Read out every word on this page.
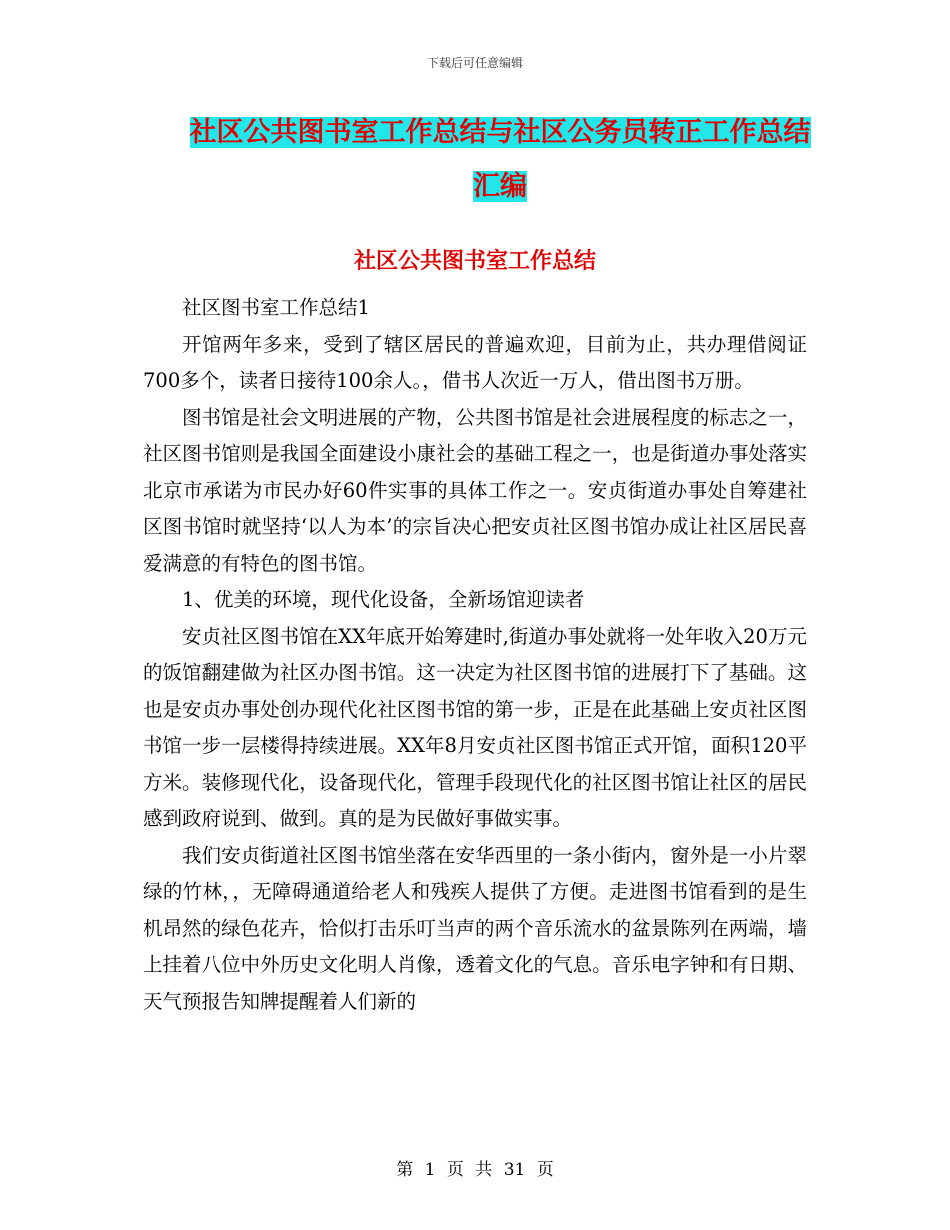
下载后可任意编辑
社区公共图书室工作总结与社区公务员转正工作总结
汇编
社区公共图书室工作总结

社区图书室工作总结1

开馆两年多来，受到了辖区居民的普遍欢迎，目前为止，共办理借阅证700多个，读者日接待100余人。，借书人次近一万人，借出图书万册。

图书馆是社会文明进展的产物，公共图书馆是社会进展程度的标志之一，社区图书馆则是我国全面建设小康社会的基础工程之一，也是街道办事处落实北京市承诺为市民办好60件实事的具体工作之一。安贞街道办事处自筹建社区图书馆时就坚持‘以人为本’的宗旨决心把安贞社区图书馆办成让社区居民喜爱满意的有特色的图书馆。

1、优美的环境，现代化设备，全新场馆迎读者

安贞社区图书馆在XX年底开始筹建时,街道办事处就将一处年收入20万元的饭馆翻建做为社区办图书馆。这一决定为社区图书馆的进展打下了基础。这也是安贞办事处创办现代化社区图书馆的第一步，正是在此基础上安贞社区图书馆一步一层楼得持续进展。XX年8月安贞社区图书馆正式开馆，面积120平方米。装修现代化，设备现代化，管理手段现代化的社区图书馆让社区的居民感到政府说到、做到。真的是为民做好事做实事。

我们安贞街道社区图书馆坐落在安华西里的一条小街内，窗外是一小片翠绿的竹林，，无障碍通道给老人和残疾人提供了方便。走进图书馆看到的是生机昂然的绿色花卉，恰似打击乐叮当声的两个音乐流水的盆景陈列在两端，墙上挂着八位中外历史文化明人肖像，透着文化的气息。音乐电字钟和有日期、天气预报告知牌提醒着人们新的

第 1 页 共 31 页
